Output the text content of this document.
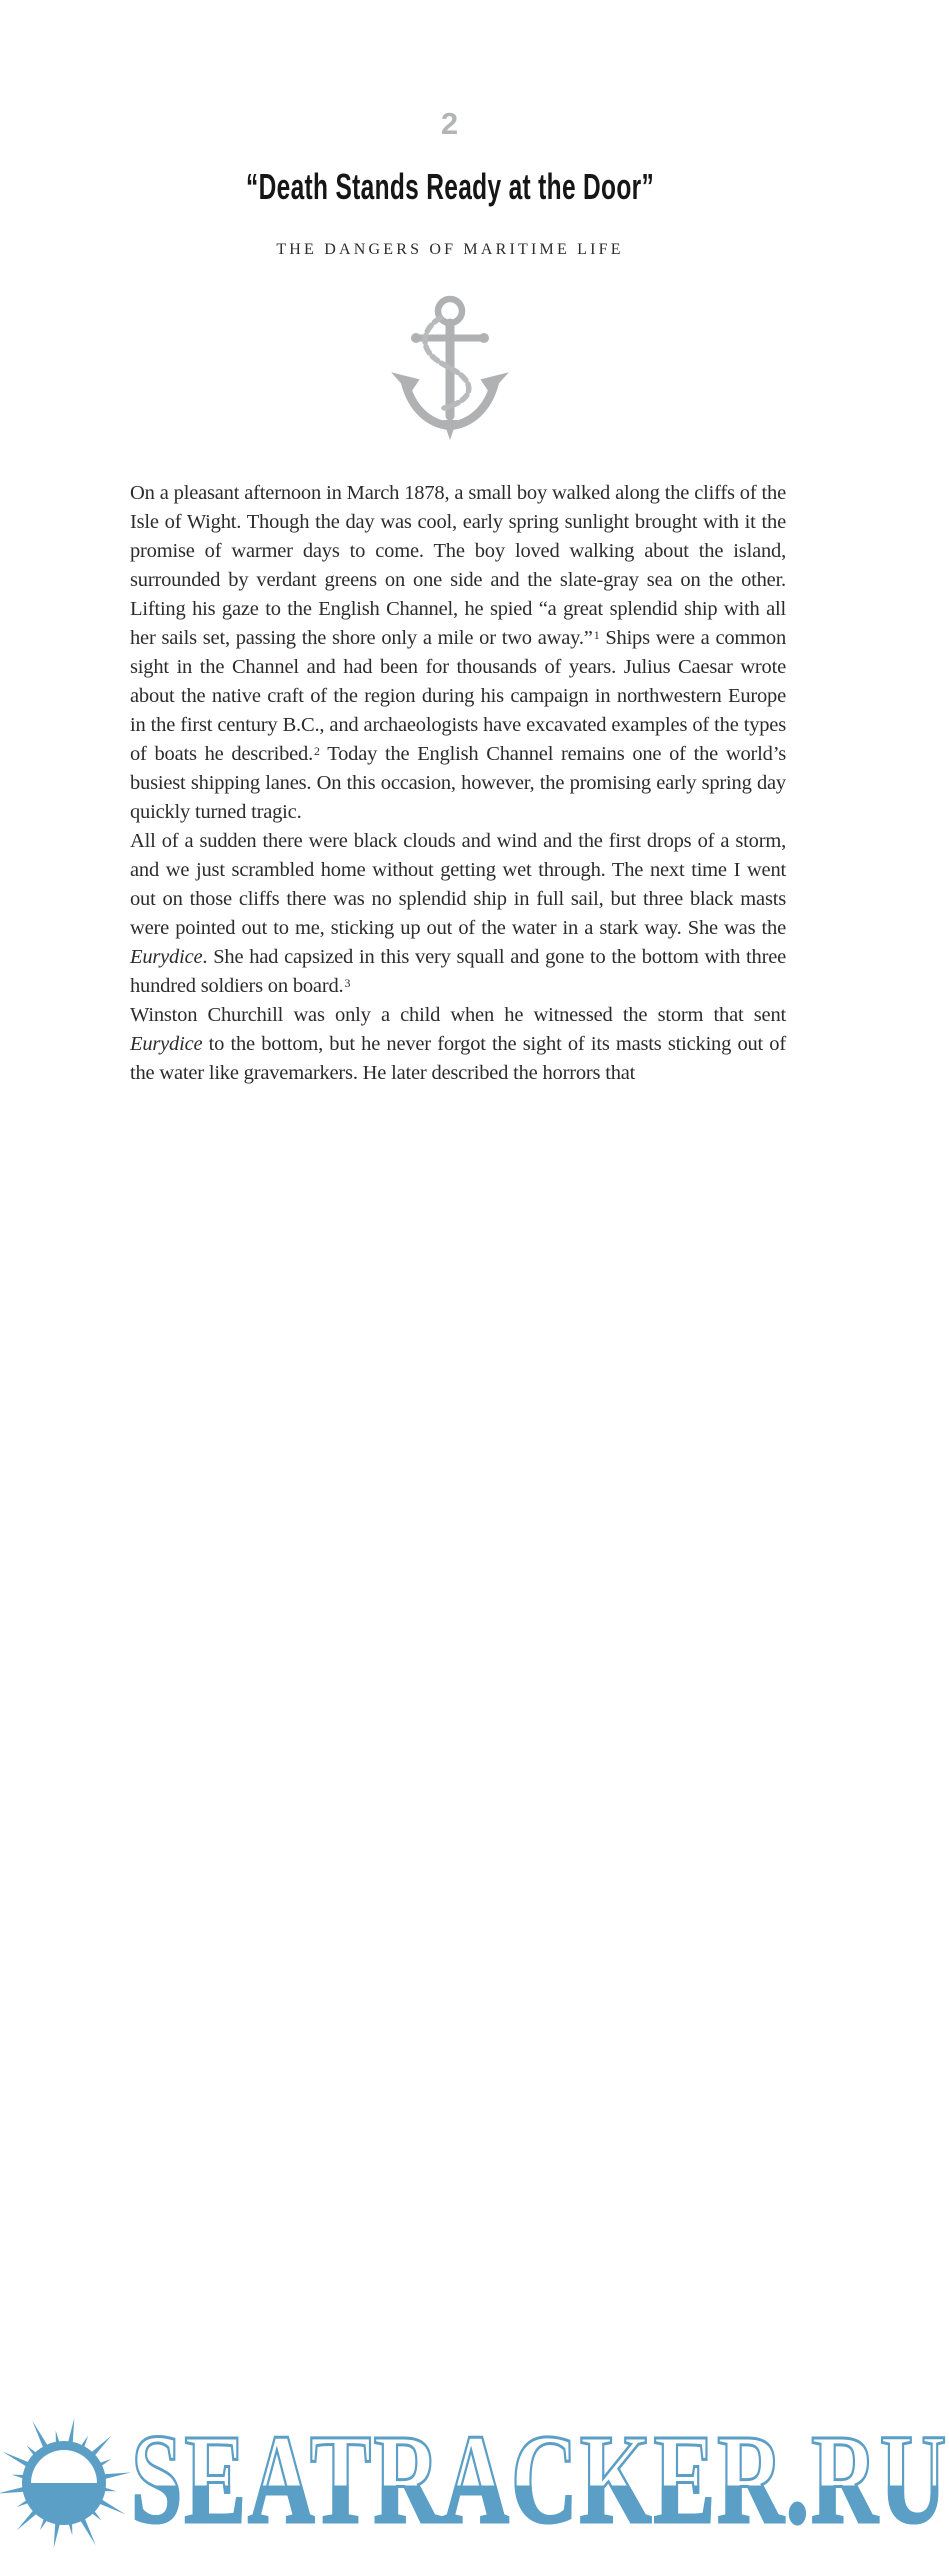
2
“Death Stands Ready at the Door”
THE DANGERS OF MARITIME LIFE

On a pleasant afternoon in March 1878, a small boy walked along the cliffs of the Isle of Wight. Though the day was cool, early spring sunlight brought with it the promise of warmer days to come. The boy loved walking about the island, surrounded by verdant greens on one side and the slate-gray sea on the other. Lifting his gaze to the English Channel, he spied “a great splendid ship with all her sails set, passing the shore only a mile or two away.”$^1$ Ships were a common sight in the Channel and had been for thousands of years. Julius Caesar wrote about the native craft of the region during his campaign in northwestern Europe in the first century B.C., and archaeologists have excavated examples of the types of boats he described.$^2$ Today the English Channel remains one of the world’s busiest shipping lanes. On this occasion, however, the promising early spring day quickly turned tragic.

All of a sudden there were black clouds and wind and the first drops of a storm, and we just scrambled home without getting wet through. The next time I went out on those cliffs there was no splendid ship in full sail, but three black masts were pointed out to me, sticking up out of the water in a stark way. She was the Eurydice. She had capsized in this very squall and gone to the bottom with three hundred soldiers on board.$^3$

Winston Churchill was only a child when he witnessed the storm that sent Eurydice to the bottom, but he never forgot the sight of its masts sticking out of the water like gravemarkers. He later described the horrors that

SEATRACKER.RU
